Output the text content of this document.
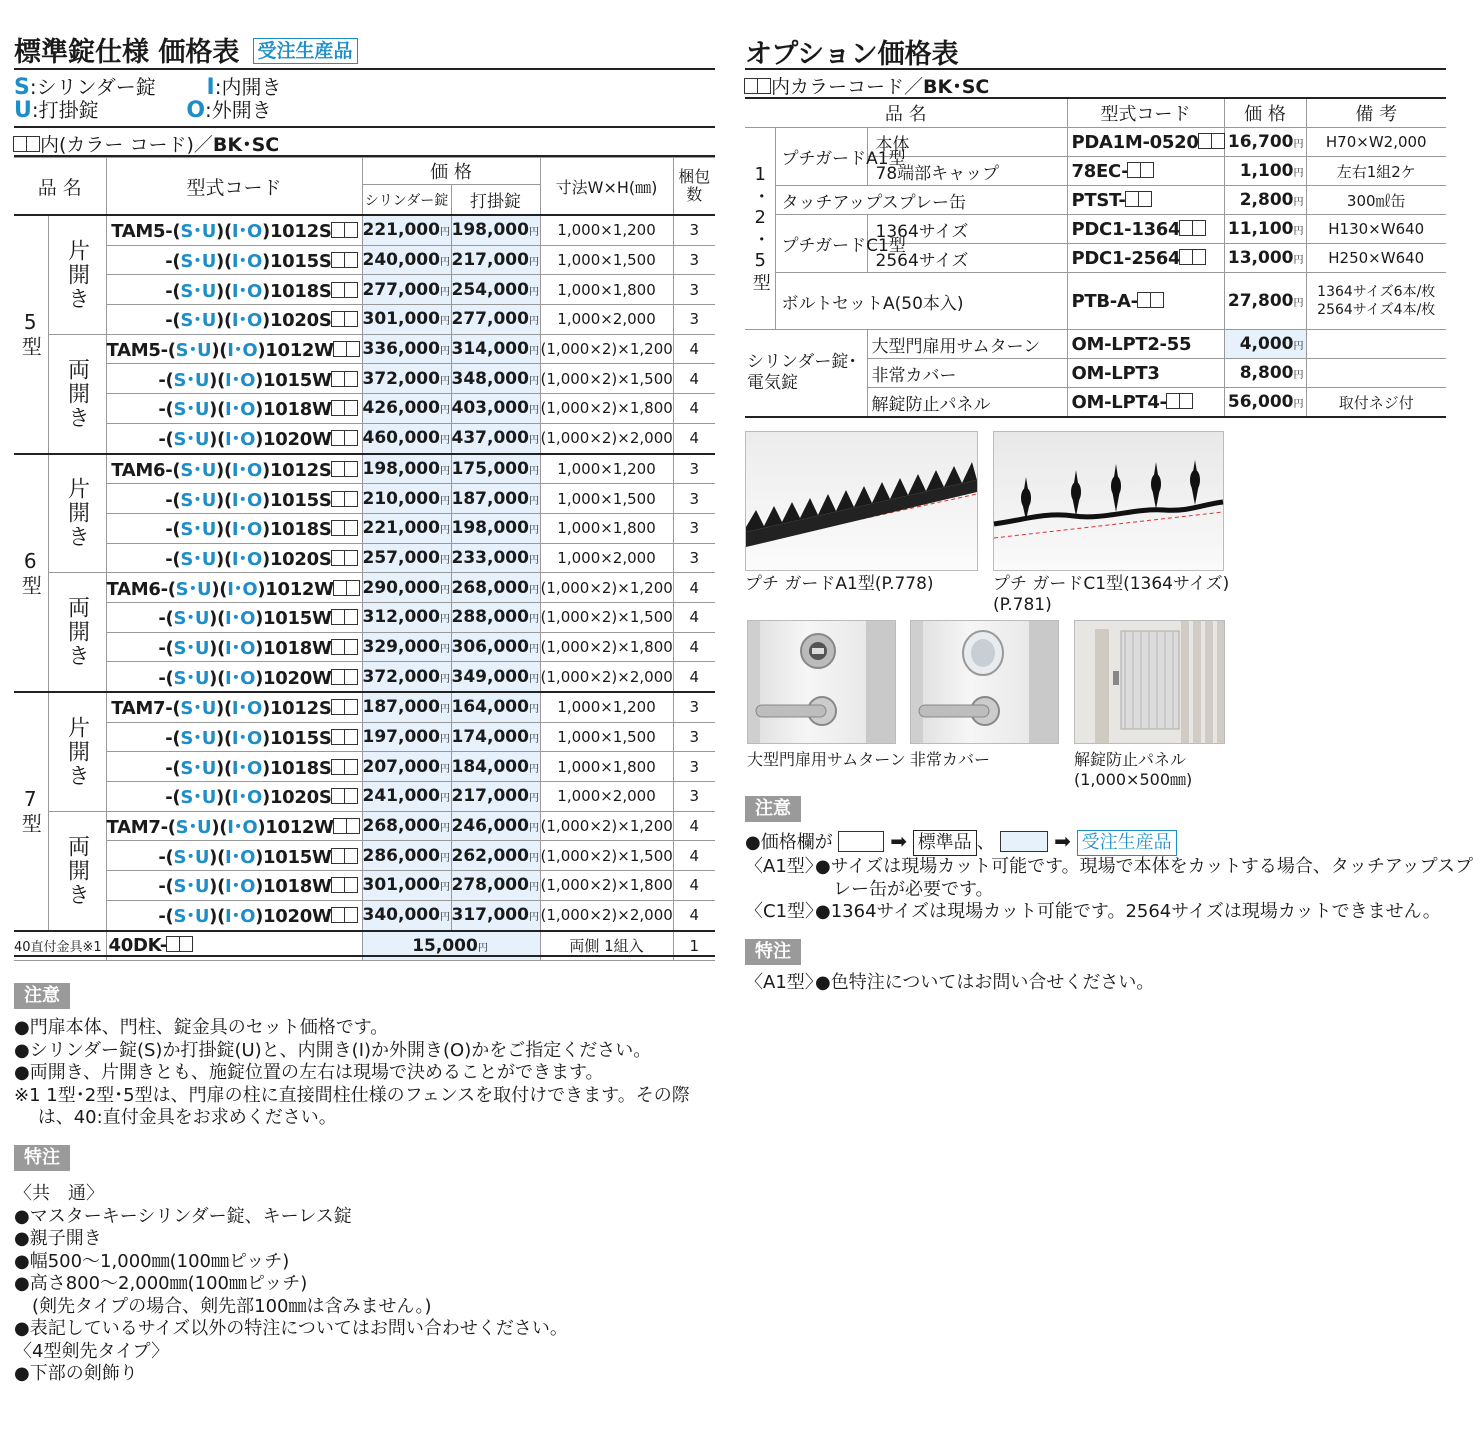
標準錠仕様 価格表 受注生産品
S:シリンダー錠 I:内開き
U:打掛錠	O:外開き
内(カラー コード)／BK･SC
品 名		型式コード	価 格		寸法W×H(㎜)	梱包数
			シリンダー錠	打掛錠		
5型	片開き	TAM5-(S･U)(I･O)1012S	221,000円	198,000円	1,000×1,200	3
		-(S･U)(I･O)1015S	240,000円	217,000円	1,000×1,500	3
		-(S･U)(I･O)1018S	277,000円	254,000円	1,000×1,800	3
		-(S･U)(I･O)1020S	301,000円	277,000円	1,000×2,000	3
	両開き	TAM5-(S･U)(I･O)1012W	336,000円	314,000円	(1,000×2)×1,200	4
		-(S･U)(I･O)1015W	372,000円	348,000円	(1,000×2)×1,500	4
		-(S･U)(I･O)1018W	426,000円	403,000円	(1,000×2)×1,800	4
		-(S･U)(I･O)1020W	460,000円	437,000円	(1,000×2)×2,000	4
6型	片開き	TAM6-(S･U)(I･O)1012S	198,000円	175,000円	1,000×1,200	3
		-(S･U)(I･O)1015S	210,000円	187,000円	1,000×1,500	3
		-(S･U)(I･O)1018S	221,000円	198,000円	1,000×1,800	3
		-(S･U)(I･O)1020S	257,000円	233,000円	1,000×2,000	3
	両開き	TAM6-(S･U)(I･O)1012W	290,000円	268,000円	(1,000×2)×1,200	4
		-(S･U)(I･O)1015W	312,000円	288,000円	(1,000×2)×1,500	4
		-(S･U)(I･O)1018W	329,000円	306,000円	(1,000×2)×1,800	4
		-(S･U)(I･O)1020W	372,000円	349,000円	(1,000×2)×2,000	4
7型	片開き	TAM7-(S･U)(I･O)1012S	187,000円	164,000円	1,000×1,200	3
		-(S･U)(I･O)1015S	197,000円	174,000円	1,000×1,500	3
		-(S･U)(I･O)1018S	207,000円	184,000円	1,000×1,800	3
		-(S･U)(I･O)1020S	241,000円	217,000円	1,000×2,000	3
	両開き	TAM7-(S･U)(I･O)1012W	268,000円	246,000円	(1,000×2)×1,200	4
		-(S･U)(I･O)1015W	286,000円	262,000円	(1,000×2)×1,500	4
		-(S･U)(I･O)1018W	301,000円	278,000円	(1,000×2)×1,800	4
		-(S･U)(I･O)1020W	340,000円	317,000円	(1,000×2)×2,000	4
40直付金具※1		40DK-	15,000円		両側 1組入	1
注意
●門扉本体、門柱、錠金具のセット価格です。
●シリンダー錠(S)か打掛錠(U)と、内開き(I)か外開き(O)かをご指定ください。
●両開き、片開きとも、施錠位置の左右は現場で決めることができます。
※1 1型･2型･5型は、門扉の柱に直接間柱仕様のフェンスを取付けできます。その際
　 は、40:直付金具をお求めください。
特注
〈共　通〉
●マスターキーシリンダー錠、キーレス錠
●親子開き
●幅500～1,000㎜(100㎜ピッチ)
●高さ800～2,000㎜(100㎜ピッチ)
　(剣先タイプの場合、剣先部100㎜は含みません。)
●表記しているサイズ以外の特注についてはお問い合わせください。
〈4型剣先タイプ〉
●下部の剣飾り
オプション価格表
内カラーコード／BK･SC
品 名			型式コード	価 格	備 考
1･2･5型	プチガードA1型	本体	PDA1M-0520	16,700円	H70×W2,000
		78端部キャップ	78EC-	1,100円	左右1組2ケ
	タッチアップスプレー缶		PTST-	2,800円	300㎖缶
	プチガードC1型	1364サイズ	PDC1-1364	11,100円	H130×W640
		2564サイズ	PDC1-2564	13,000円	H250×W640
	ボルトセットA(50本入)		PTB-A-	27,800円	1364サイズ6本/枚
2564サイズ4本/枚

シリンダー錠･
電気錠		大型門扉用サムターン	OM-LPT2-55	4,000円	
		非常カバー	OM-LPT3	8,800円	
		解錠防止パネル	OM-LPT4-	56,000円	取付ネジ付
プチ ガードA1型(P.778)	プチ ガードC1型(1364サイズ)
(P.781)
大型門扉用サムターン 非常カバー	解錠防止パネル
(1,000×500㎜)
注意
●価格欄が	➡ 標準品 、	➡ 受注生産品
〈A1型〉●サイズは現場カット可能です。現場で本体をカットする場合、タッチアップスプ
　レー缶が必要です。
〈C1型〉●1364サイズは現場カット可能です。2564サイズは現場カットできません。
特注
〈A1型〉●色特注についてはお問い合せください。
